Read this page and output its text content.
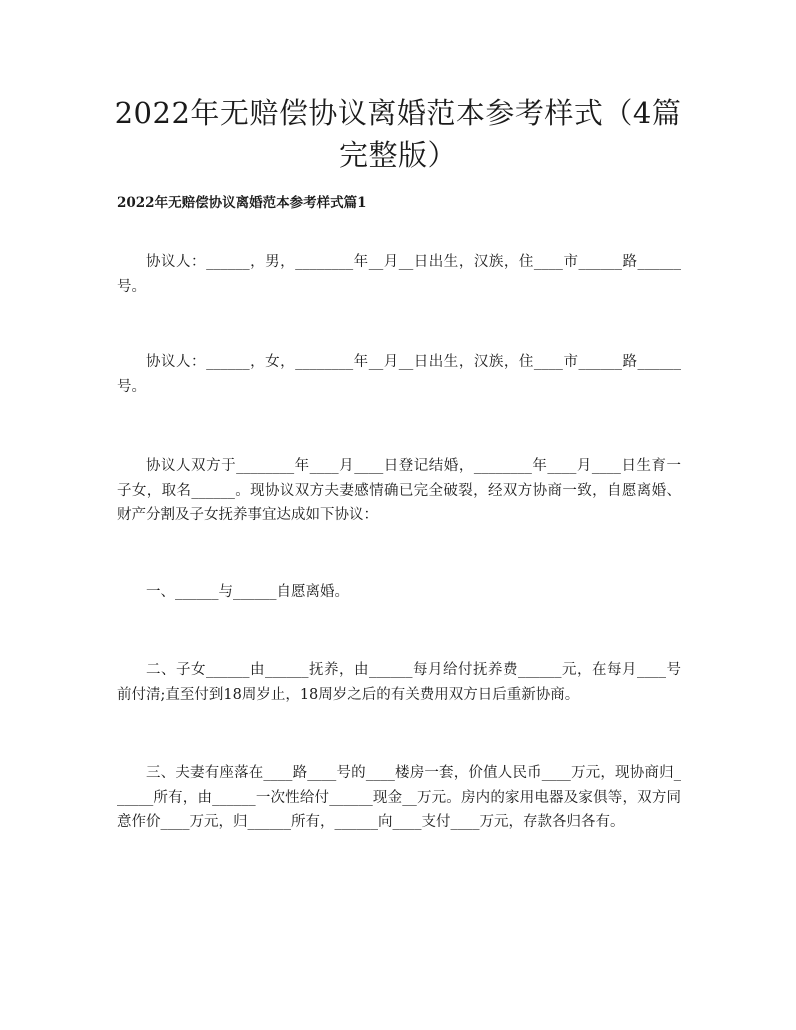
2022年无赔偿协议离婚范本参考样式（4篇完整版）
2022年无赔偿协议离婚范本参考样式篇1

协议人：______，男，________年__月__日出生，汉族，住____市______路______号。

协议人：______，女，________年__月__日出生，汉族，住____市______路______号。

协议人双方于________年____月____日登记结婚，________年____月____日生育一子女，取名______。现协议双方夫妻感情确已完全破裂，经双方协商一致，自愿离婚、财产分割及子女抚养事宜达成如下协议：

一、______与______自愿离婚。

二、子女______由______抚养，由______每月给付抚养费______元，在每月____号前付清;直至付到18周岁止，18周岁之后的有关费用双方日后重新协商。

三、夫妻有座落在____路____号的____楼房一套，价值人民币____万元，现协商归______所有，由______一次性给付______现金__万元。房内的家用电器及家俱等，双方同意作价____万元，归______所有，______向____支付____万元，存款各归各有。
